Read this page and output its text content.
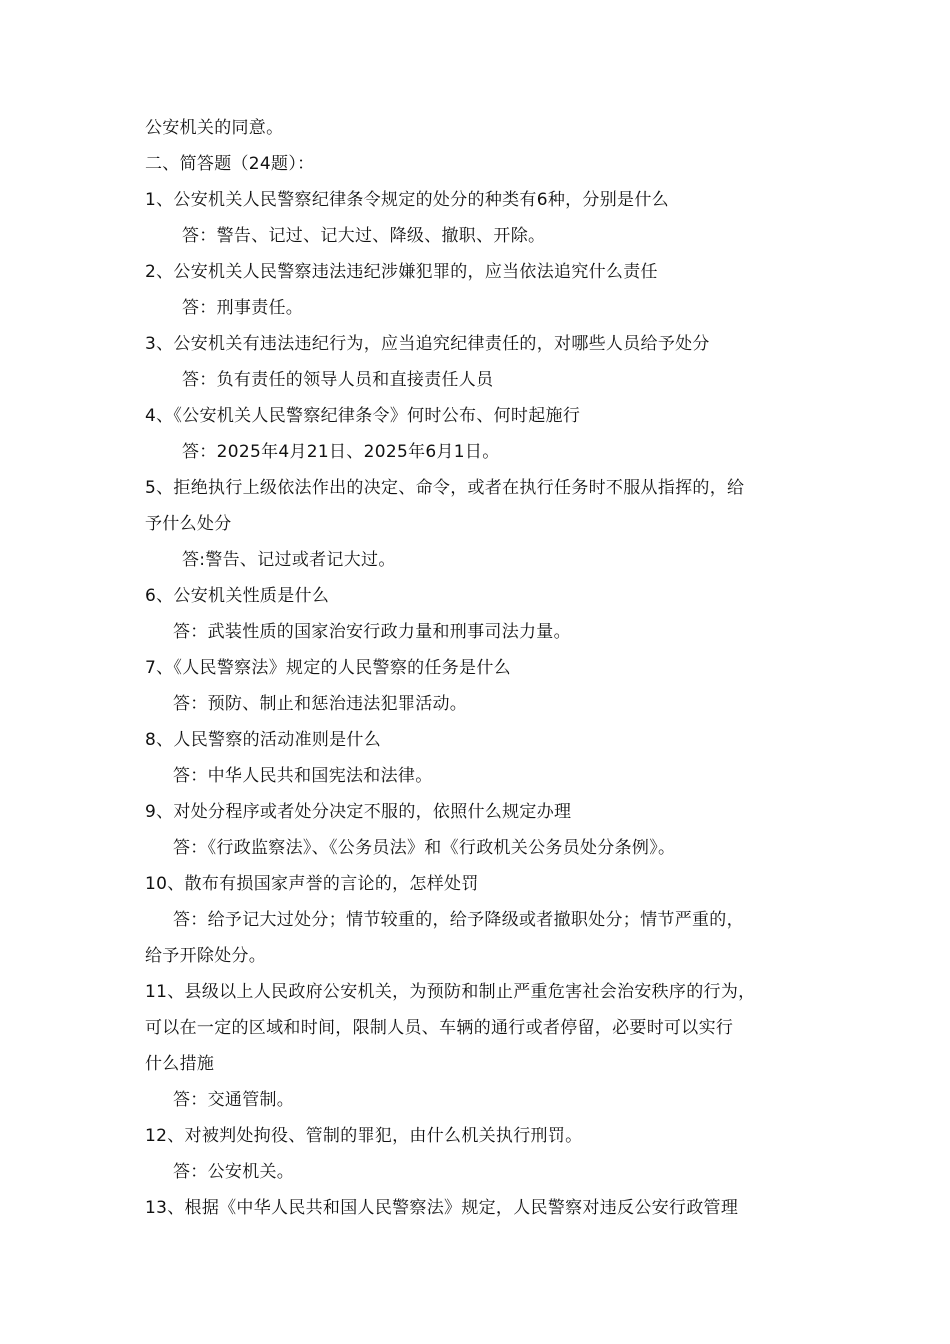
公安机关的同意。
二、简答题（24题）：
1、公安机关人民警察纪律条令规定的处分的种类有6种，分别是什么
答：警告、记过、记大过、降级、撤职、开除。
2、公安机关人民警察违法违纪涉嫌犯罪的，应当依法追究什么责任
答：刑事责任。
3、公安机关有违法违纪行为，应当追究纪律责任的，对哪些人员给予处分
答：负有责任的领导人员和直接责任人员
4、《公安机关人民警察纪律条令》何时公布、何时起施行
答：2025年4月21日、2025年6月1日。
5、拒绝执行上级依法作出的决定、命令，或者在执行任务时不服从指挥的，给
予什么处分
答:警告、记过或者记大过。
6、公安机关性质是什么
答：武装性质的国家治安行政力量和刑事司法力量。
7、《人民警察法》规定的人民警察的任务是什么
答：预防、制止和惩治违法犯罪活动。
8、人民警察的活动准则是什么
答：中华人民共和国宪法和法律。
9、对处分程序或者处分决定不服的，依照什么规定办理
答：《行政监察法》、《公务员法》和《行政机关公务员处分条例》。
10、散布有损国家声誉的言论的，怎样处罚
答：给予记大过处分；情节较重的，给予降级或者撤职处分；情节严重的，
给予开除处分。
11、县级以上人民政府公安机关，为预防和制止严重危害社会治安秩序的行为，
可以在一定的区域和时间，限制人员、车辆的通行或者停留，必要时可以实行
什么措施
答：交通管制。
12、对被判处拘役、管制的罪犯，由什么机关执行刑罚。
答：公安机关。
13、根据《中华人民共和国人民警察法》规定，人民警察对违反公安行政管理
